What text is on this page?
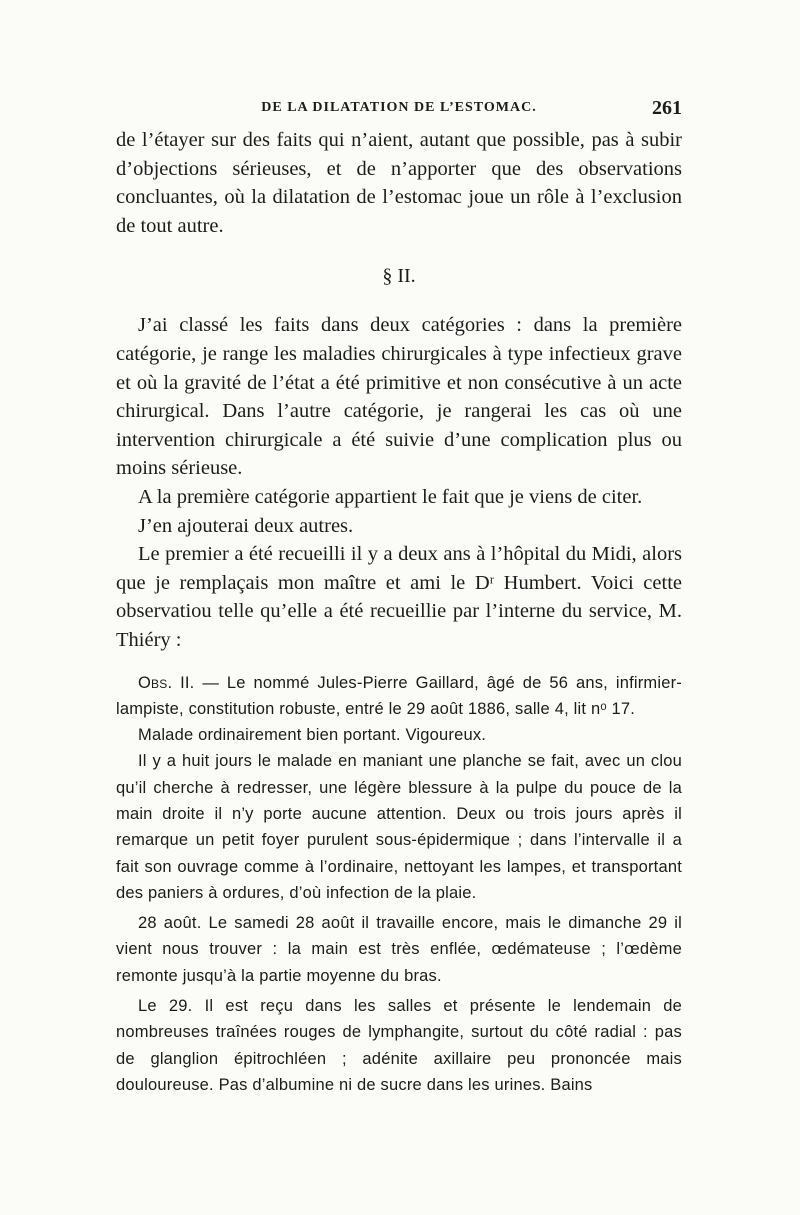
DE LA DILATATION DE L’ESTOMAC.	261

de l’étayer sur des faits qui n’aient, autant que possible, pas à subir d’objections sérieuses, et de n’apporter que des observations concluantes, où la dilatation de l’estomac joue un rôle à l’exclusion de tout autre.

§ II.

J’ai classé les faits dans deux catégories : dans la première catégorie, je range les maladies chirurgicales à type infectieux grave et où la gravité de l’état a été primitive et non consécutive à un acte chirurgical. Dans l’autre catégorie, je rangerai les cas où une intervention chirurgicale a été suivie d’une complication plus ou moins sérieuse.

A la première catégorie appartient le fait que je viens de citer.

J’en ajouterai deux autres.

Le premier a été recueilli il y a deux ans à l’hôpital du Midi, alors que je remplaçais mon maître et ami le Dʳ Humbert. Voici cette observatiou telle qu’elle a été recueillie par l’interne du service, M. Thiéry :

Obs. II. — Le nommé Jules-Pierre Gaillard, âgé de 56 ans, infirmier-lampiste, constitution robuste, entré le 29 août 1886, salle 4, lit nᵒ 17.

Malade ordinairement bien portant. Vigoureux.

Il y a huit jours le malade en maniant une planche se fait, avec un clou qu’il cherche à redresser, une légère blessure à la pulpe du pouce de la main droite il n’y porte aucune attention. Deux ou trois jours après il remarque un petit foyer purulent sous-épidermique ; dans l’intervalle il a fait son ouvrage comme à l’ordinaire, nettoyant les lampes, et transportant des paniers à ordures, d’où infection de la plaie.

28 août. Le samedi 28 août il travaille encore, mais le dimanche 29 il vient nous trouver : la main est très enflée, œdémateuse ; l’œdème remonte jusqu’à la partie moyenne du bras.

Le 29. Il est reçu dans les salles et présente le lendemain de nombreuses traînées rouges de lymphangite, surtout du côté radial : pas de glanglion épitrochléen ; adénite axillaire peu prononcée mais douloureuse. Pas d’albumine ni de sucre dans les urines. Bains
